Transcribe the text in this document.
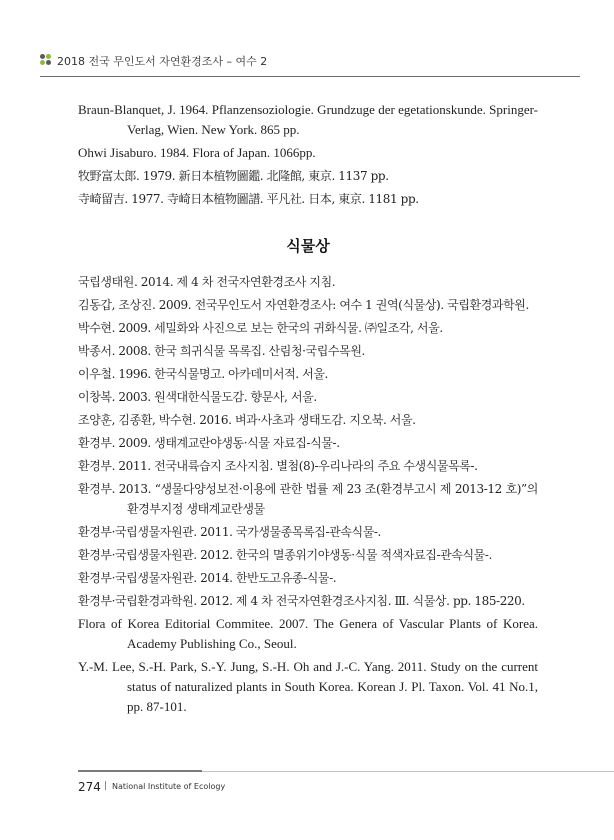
2018 전국 무인도서 자연환경조사 – 여수 2
Braun-Blanquet, J. 1964. Pflanzensoziologie. Grundzuge der egetationskunde. Springer-Verlag, Wien. New York. 865 pp.
Ohwi Jisaburo. 1984. Flora of Japan. 1066pp.
牧野富太郎. 1979. 新日本植物圖鑑. 北隆館, 東京. 1137 pp.
寺崎留吉. 1977. 寺崎日本植物圖譜. 平凡社. 日本, 東京. 1181 pp.
식물상
국립생태원. 2014. 제 4 차 전국자연환경조사 지침.
김동갑, 조상진. 2009. 전국무인도서 자연환경조사: 여수 1 권역(식물상). 국립환경과학원.
박수현. 2009. 세밀화와 사진으로 보는 한국의 귀화식물. ㈜일조각, 서울.
박종서. 2008. 한국 희귀식물 목록집. 산림청·국립수목원.
이우철. 1996. 한국식물명고. 아카데미서적. 서울.
이창복. 2003. 원색대한식물도감. 향문사, 서울.
조양훈, 김종환, 박수현. 2016. 벼과·사초과 생태도감. 지오북. 서울.
환경부. 2009. 생태계교란야생동·식물 자료집-식물-.
환경부. 2011. 전국내륙습지 조사지침. 별첨(8)-우리나라의 주요 수생식물목록-.
환경부. 2013. “생물다양성보전·이용에 관한 법률 제 23 조(환경부고시 제 2013-12 호)”의 환경부지정 생태계교란생물
환경부·국립생물자원관. 2011. 국가생물종목록집-관속식물-.
환경부·국립생물자원관. 2012. 한국의 멸종위기야생동·식물 적색자료집-관속식물-.
환경부·국립생물자원관. 2014. 한반도고유종-식물-.
환경부·국립환경과학원. 2012. 제 4 차 전국자연환경조사지침. Ⅲ. 식물상. pp. 185-220.
Flora of Korea Editorial Commitee. 2007. The Genera of Vascular Plants of Korea. Academy Publishing Co., Seoul.
Y.-M. Lee, S.-H. Park, S.-Y. Jung, S.-H. Oh and J.-C. Yang. 2011. Study on the current status of naturalized plants in South Korea. Korean J. Pl. Taxon. Vol. 41 No.1, pp. 87-101.
274 | National Institute of Ecology
